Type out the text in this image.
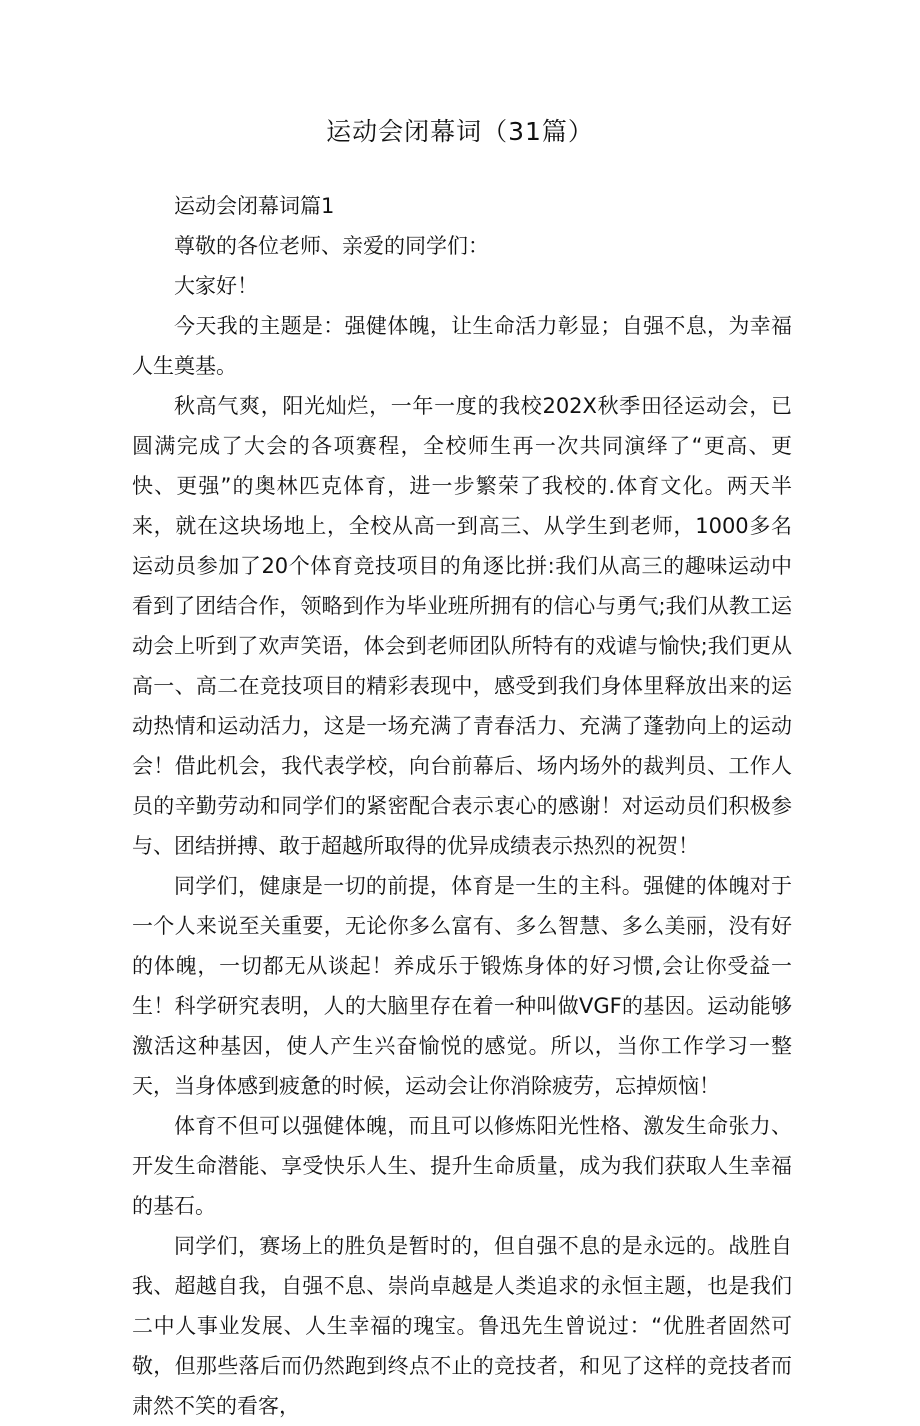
运动会闭幕词（31篇）

运动会闭幕词篇1

尊敬的各位老师、亲爱的同学们：

大家好！

今天我的主题是：强健体魄，让生命活力彰显；自强不息，为幸福人生奠基。

秋高气爽，阳光灿烂，一年一度的我校202X秋季田径运动会，已圆满完成了大会的各项赛程，全校师生再一次共同演绎了“更高、更快、更强”的奥林匹克体育，进一步繁荣了我校的.体育文化。两天半来，就在这块场地上，全校从高一到高三、从学生到老师，1000多名运动员参加了20个体育竞技项目的角逐比拼:我们从高三的趣味运动中看到了团结合作，领略到作为毕业班所拥有的信心与勇气;我们从教工运动会上听到了欢声笑语，体会到老师团队所特有的戏谑与愉快;我们更从高一、高二在竞技项目的精彩表现中，感受到我们身体里释放出来的运动热情和运动活力，这是一场充满了青春活力、充满了蓬勃向上的运动会！借此机会，我代表学校，向台前幕后、场内场外的裁判员、工作人员的辛勤劳动和同学们的紧密配合表示衷心的感谢！对运动员们积极参与、团结拼搏、敢于超越所取得的优异成绩表示热烈的祝贺！

同学们，健康是一切的前提，体育是一生的主科。强健的体魄对于一个人来说至关重要，无论你多么富有、多么智慧、多么美丽，没有好的体魄，一切都无从谈起！养成乐于锻炼身体的好习惯,会让你受益一生！科学研究表明，人的大脑里存在着一种叫做VGF的基因。运动能够激活这种基因，使人产生兴奋愉悦的感觉。所以，当你工作学习一整天，当身体感到疲惫的时候，运动会让你消除疲劳，忘掉烦恼！

体育不但可以强健体魄，而且可以修炼阳光性格、激发生命张力、开发生命潜能、享受快乐人生、提升生命质量，成为我们获取人生幸福的基石。

同学们，赛场上的胜负是暂时的，但自强不息的是永远的。战胜自我、超越自我，自强不息、崇尚卓越是人类追求的永恒主题，也是我们二中人事业发展、人生幸福的瑰宝。鲁迅先生曾说过：“优胜者固然可敬，但那些落后而仍然跑到终点不止的竞技者，和见了这样的竞技者而肃然不笑的看客，
